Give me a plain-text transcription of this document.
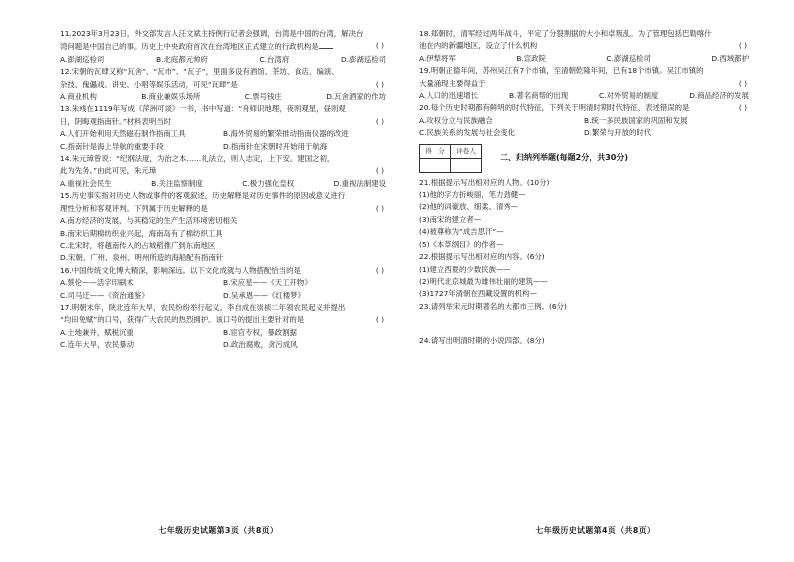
11.2023年3月23日，外交部发言人汪文斌主持例行记者会强调，台湾是中国的台湾，解决台
湾问题是中国自己的事。历史上中央政府首次在台湾地区正式建立的行政机构是	( )
A.澎湖巡检司	B.北庭都元帅府	C.台湾府	D.澎湖巡检司
12.宋朝的瓦肆又称“瓦舍”、“瓦市”、“瓦子”，里面多设有酒馆、茶坊、食店、编演、
杂技、傀儡戏、讲史、小唱等娱乐活动，可见“瓦肆”是	( )
A.商业机构	B.商业兼娱乐场所	C.票号钱庄	D.瓦舍酒家的作坊
13.朱彧在1119年写成《萍洲可谈》一书，书中写道：“舟师识地理，夜则观星，昼则观
日，阴晦观指南针。”材料表明当时	( )
A.人们开始利用天然磁石制作指南工具	B.海外贸易的繁荣推动指南仪器的改进
C.指南针是海上导航的重要手段	D.指南针在宋朝时开始用于航海
14.朱元璋曾说：“纪纲法度，为治之本……礼法立，则人志定，上下安。建国之初，
此为先务。”由此可见，朱元璋	( )
A.重视社会民生	B.关注监察制度	C.极力强化皇权	D.重视法制建设
15.历史事实指对历史人物或事件的客观叙述，历史解释是对历史事件的原因或意义进行
理性分析和客观评判。下列属于历史解释的是	( )
A.南方经济的发展，与其稳定的生产生活环境密切相关
B.南宋后期棉纺织业兴起，海南岛有了棉纺织工具
C.北宋时，将越南传入的占城稻推广到东南地区
D.宋朝，广州、泉州、明州所造的海船配有指南针
16.中国传统文化博大精深，影响深远。以下文化成就与人物搭配恰当的是	( )
A.蔡伦——活字印刷术	B.宋应星——《天工开物》
C.司马迁——《资治通鉴》	D.吴承恩——《红楼梦》
17.明朝末年，陕北连年大旱，农民纷纷举行起义。李自成在崇祯二年领农民起义并提出
“均田免赋”的口号，获得广大农民的热烈拥护。该口号的提出主要针对的是	( )
A.土地兼并，赋税沉重	B.宦官专权，暴政割据
C.连年大旱，农民暴动	D.政治腐败，贪污成风
七年级历史试题第3页（共8页）
18.郑朝时，清军经过两年战斗，平定了分裂割据的大小和卓叛乱。为了管理包括巴勒喀什
池在内的新疆地区，设立了什么机构	( )
A.伊犁将军	B.宣政院	C.澎湖巡检司	D.西域都护
19.明朝正德年间，苏州吴江有7个市镇，至清朝乾隆年间，已有18个市镇。吴江市镇的
大量涌现主要得益于	( )
A.人口的迅速增长	B.著名商帮的出现	C.对外贸易的制度	D.商品经济的发展
20.每个历史时期都有鲜明的时代特征，下列关于明清时期时代特征，表述错误的是	( )
A.攻权分立与民族融合	B.统一多民族国家的巩固和发展
C.民族关系的发展与社会变化	D.繁荣与开放的时代
得　分	评卷人

二、归纳列举题(每题2分，共30分)
21.根据提示写出相对应的人物。(10分)
(1)他的字方折峻丽，笔力劲健—
(2)他的词豪放、细柔、清秀—
(3)南宋的建立者—
(4)被尊称为“成吉思汗”—
(5)《本草纲目》的作者—
22.根据提示写出相对应的内容。(6分)
(1)建立西夏的少数民族——
(2)明代北京城最为雄伟壮丽的建筑——
(3)1727年清朝在西藏设置的机构—
23.请列举宋元时期著名的大都市三例。(6分)
24.请写出明清时期的小说四部。(8分)
七年级历史试题第4页（共8页）
